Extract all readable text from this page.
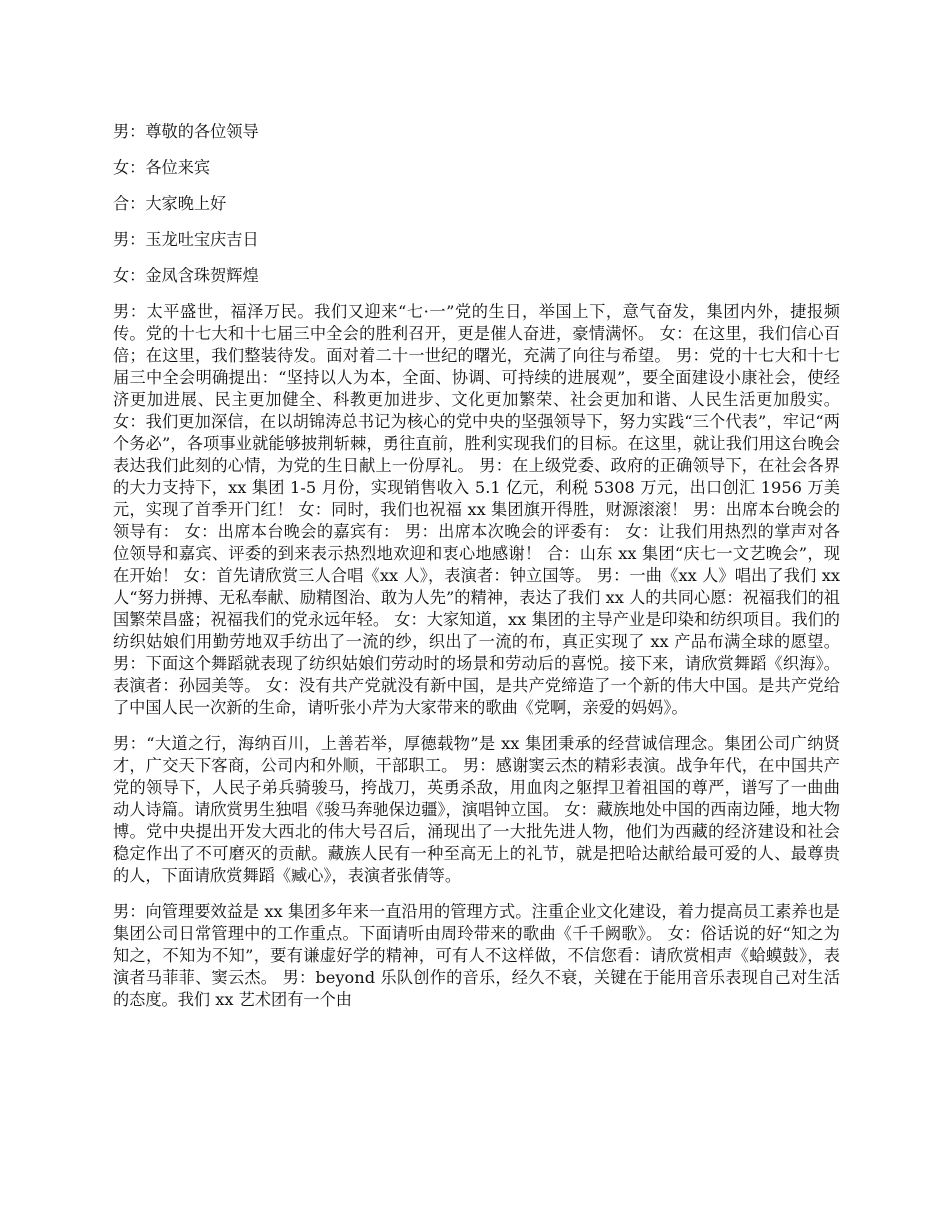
男：尊敬的各位领导

女：各位来宾

合：大家晚上好

男：玉龙吐宝庆吉日

女：金凤含珠贺辉煌

男：太平盛世，福泽万民。我们又迎来“七·一”党的生日，举国上下，意气奋发，集团内外，捷报频传。党的十七大和十七届三中全会的胜利召开，更是催人奋进，豪情满怀。 女：在这里，我们信心百倍；在这里，我们整装待发。面对着二十一世纪的曙光，充满了向往与希望。 男：党的十七大和十七届三中全会明确提出：“坚持以人为本，全面、协调、可持续的进展观”，要全面建设小康社会，使经济更加进展、民主更加健全、科教更加进步、文化更加繁荣、社会更加和谐、人民生活更加殷实。 女：我们更加深信，在以胡锦涛总书记为核心的党中央的坚强领导下，努力实践“三个代表”，牢记“两个务必”，各项事业就能够披荆斩棘，勇往直前，胜利实现我们的目标。在这里，就让我们用这台晚会表达我们此刻的心情，为党的生日献上一份厚礼。 男：在上级党委、政府的正确领导下，在社会各界的大力支持下，xx 集团 1-5 月份，实现销售收入 5.1 亿元，利税 5308 万元，出口创汇 1956 万美元，实现了首季开门红！ 女：同时，我们也祝福 xx 集团旗开得胜，财源滚滚！ 男：出席本台晚会的领导有： 女：出席本台晚会的嘉宾有： 男：出席本次晚会的评委有： 女：让我们用热烈的掌声对各位领导和嘉宾、评委的到来表示热烈地欢迎和衷心地感谢！ 合：山东 xx 集团“庆七一文艺晚会”，现在开始！ 女：首先请欣赏三人合唱《xx 人》，表演者：钟立国等。 男：一曲《xx 人》唱出了我们 xx 人“努力拼搏、无私奉献、励精图治、敢为人先”的精神，表达了我们 xx 人的共同心愿：祝福我们的祖国繁荣昌盛；祝福我们的党永远年轻。 女：大家知道，xx 集团的主导产业是印染和纺织项目。我们的纺织姑娘们用勤劳地双手纺出了一流的纱，织出了一流的布，真正实现了 xx 产品布满全球的愿望。 男：下面这个舞蹈就表现了纺织姑娘们劳动时的场景和劳动后的喜悦。接下来，请欣赏舞蹈《织海》。表演者：孙园美等。 女：没有共产党就没有新中国，是共产党缔造了一个新的伟大中国。是共产党给了中国人民一次新的生命，请听张小芹为大家带来的歌曲《党啊，亲爱的妈妈》。

男：“大道之行，海纳百川，上善若举，厚德载物”是 xx 集团秉承的经营诚信理念。集团公司广纳贤才，广交天下客商，公司内和外顺，干部职工。 男：感谢窦云杰的精彩表演。战争年代，在中国共产党的领导下，人民子弟兵骑骏马，挎战刀，英勇杀敌，用血肉之躯捍卫着祖国的尊严，谱写了一曲曲动人诗篇。请欣赏男生独唱《骏马奔驰保边疆》，演唱钟立国。 女：藏族地处中国的西南边陲，地大物博。党中央提出开发大西北的伟大号召后，涌现出了一大批先进人物，他们为西藏的经济建设和社会稳定作出了不可磨灭的贡献。藏族人民有一种至高无上的礼节，就是把哈达献给最可爱的人、最尊贵的人，下面请欣赏舞蹈《臧心》，表演者张倩等。

男：向管理要效益是 xx 集团多年来一直沿用的管理方式。注重企业文化建设，着力提高员工素养也是集团公司日常管理中的工作重点。下面请听由周玲带来的歌曲《千千阙歌》。 女：俗话说的好“知之为知之，不知为不知”，要有谦虚好学的精神，可有人不这样做，不信您看：请欣赏相声《蛤蟆鼓》，表演者马菲菲、窦云杰。 男：beyond 乐队创作的音乐，经久不衰，关键在于能用音乐表现自己对生活的态度。我们 xx 艺术团有一个由
